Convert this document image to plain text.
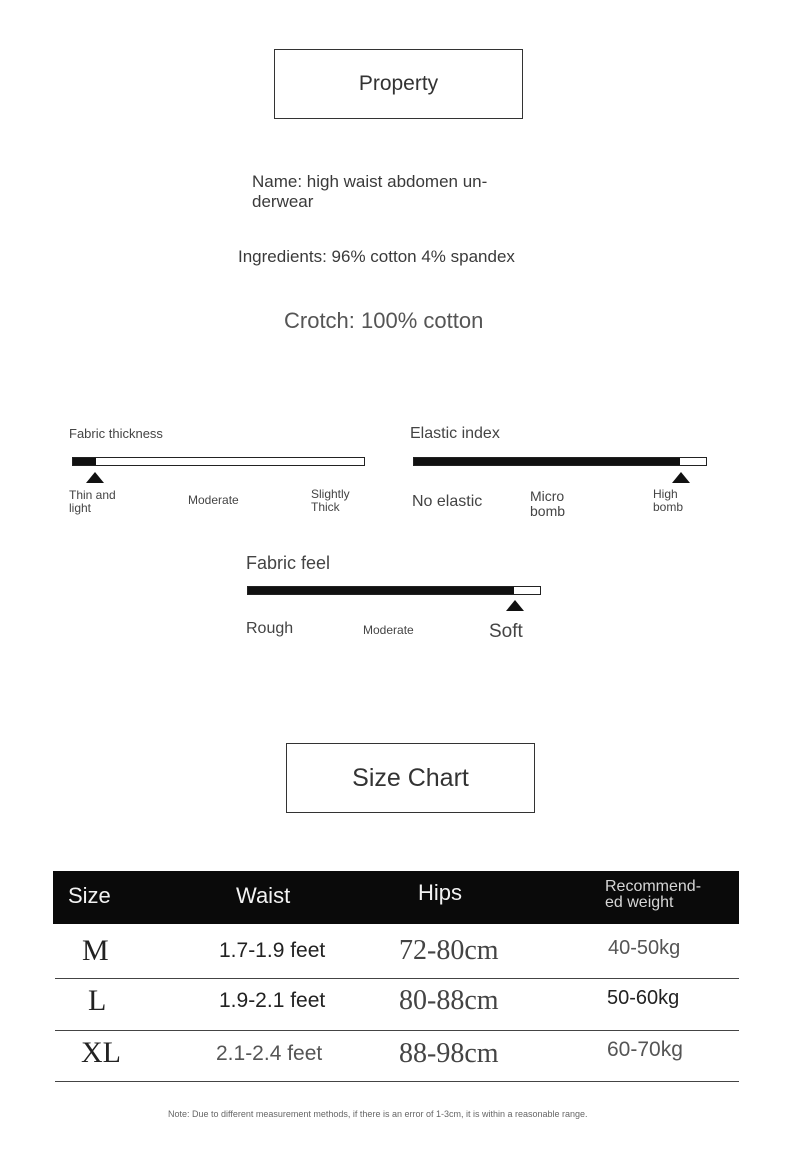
Property
Name: high waist abdomen un-
derwear
Ingredients: 96% cotton 4% spandex
Crotch: 100% cotton
Fabric thickness
Thin and light
Moderate	Slightly Thick
Elastic index
No elastic	Micro bomb
High bomb
Fabric feel
Rough	Moderate	Soft
Size Chart
Size	Waist	Hips	Recommend-
ed weight
M	1.7-1.9 feet	72-80cm	40-50kg
L	1.9-2.1 feet	80-88cm	50-60kg
XL	2.1-2.4 feet	88-98cm	60-70kg
Note: Due to different measurement methods, if there is an error of 1-3cm, it is within a reasonable range.
